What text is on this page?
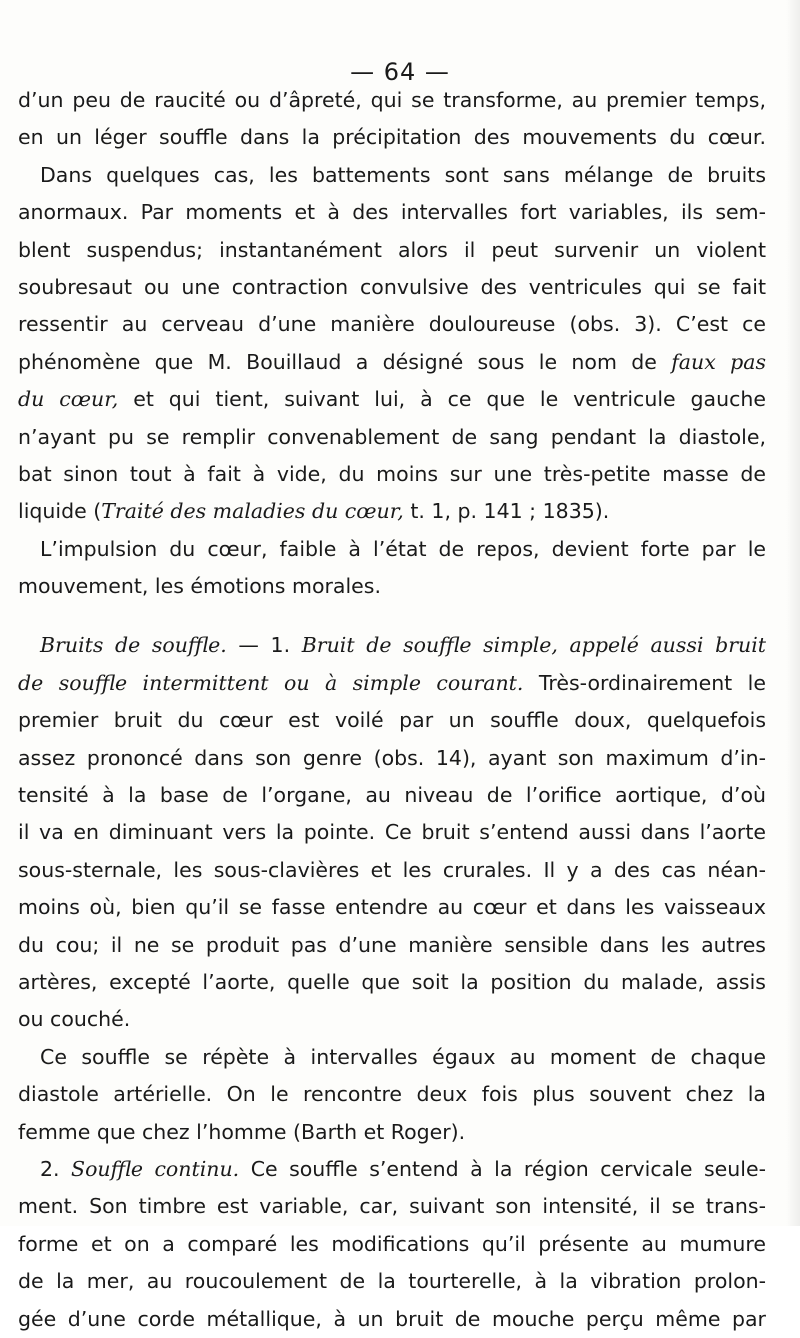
— 64 —
d’un peu de raucité ou d’âpreté, qui se transforme, au premier temps,
en un léger souffle dans la précipitation des mouvements du cœur.
Dans quelques cas, les battements sont sans mélange de bruits
anormaux. Par moments et à des intervalles fort variables, ils sem-
blent suspendus; instantanément alors il peut survenir un violent
soubresaut ou une contraction convulsive des ventricules qui se fait
ressentir au cerveau d’une manière douloureuse (obs. 3). C’est ce
phénomène que M. Bouillaud a désigné sous le nom de faux pas
du cœur, et qui tient, suivant lui, à ce que le ventricule gauche
n’ayant pu se remplir convenablement de sang pendant la diastole,
bat sinon tout à fait à vide, du moins sur une très-petite masse de
liquide (Traité des maladies du cœur, t. 1, p. 141 ; 1835).
L’impulsion du cœur, faible à l’état de repos, devient forte par le
mouvement, les émotions morales.
Bruits de souffle. — 1. Bruit de souffle simple, appelé aussi bruit
de souffle intermittent ou à simple courant. Très-ordinairement le
premier bruit du cœur est voilé par un souffle doux, quelquefois
assez prononcé dans son genre (obs. 14), ayant son maximum d’in-
tensité à la base de l’organe, au niveau de l’orifice aortique, d’où
il va en diminuant vers la pointe. Ce bruit s’entend aussi dans l’aorte
sous-sternale, les sous-clavières et les crurales. Il y a des cas néan-
moins où, bien qu’il se fasse entendre au cœur et dans les vaisseaux
du cou; il ne se produit pas d’une manière sensible dans les autres
artères, excepté l’aorte, quelle que soit la position du malade, assis
ou couché.
Ce souffle se répète à intervalles égaux au moment de chaque
diastole artérielle. On le rencontre deux fois plus souvent chez la
femme que chez l’homme (Barth et Roger).
2. Souffle continu. Ce souffle s’entend à la région cervicale seule-
ment. Son timbre est variable, car, suivant son intensité, il se trans-
forme et on a comparé les modifications qu’il présente au mumure
de la mer, au roucoulement de la tourterelle, à la vibration prolon-
gée d’une corde métallique, à un bruit de mouche perçu même par
